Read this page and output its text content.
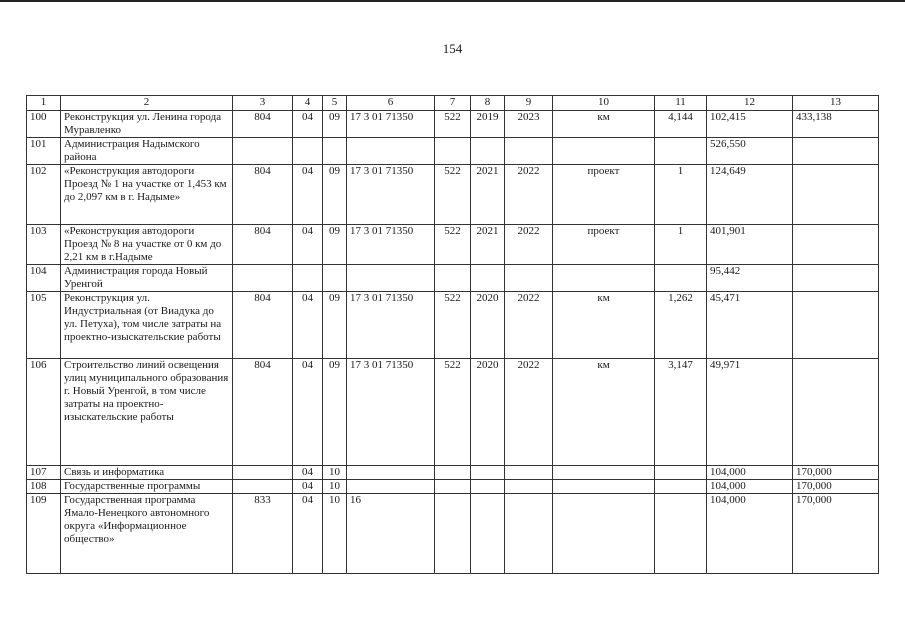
154
1	2	3	4	5	6	7	8	9	10	11	12	13
100	Реконструкция ул. Ленина города Муравленко	804	04	09	17 3 01 71350	522	2019	2023	км	4,144	102,415	433,138
101	Администрация Надымского района										526,550	
102	«Реконструкция автодороги Проезд № 1 на участке от 1,453 км до 2,097 км в г. Надыме»	804	04	09	17 3 01 71350	522	2021	2022	проект	1	124,649	
103	«Реконструкция автодороги Проезд № 8 на участке от 0 км до 2,21 км в г.Надыме	804	04	09	17 3 01 71350	522	2021	2022	проект	1	401,901	
104	Администрация города Новый Уренгой										95,442	
105	Реконструкция ул. Индустриальная (от Виадука до ул. Петуха), том числе затраты на проектно-изыскательские работы	804	04	09	17 3 01 71350	522	2020	2022	км	1,262	45,471	
106	Строительство линий освещения улиц муниципального образования г. Новый Уренгой, в том числе затраты на проектно-изыскательские работы	804	04	09	17 3 01 71350	522	2020	2022	км	3,147	49,971	
107	Связь и информатика		04	10							104,000	170,000
108	Государственные программы		04	10							104,000	170,000
109	Государственная программа Ямало-Ненецкого автономного округа «Информационное общество»	833	04	10	16						104,000	170,000
